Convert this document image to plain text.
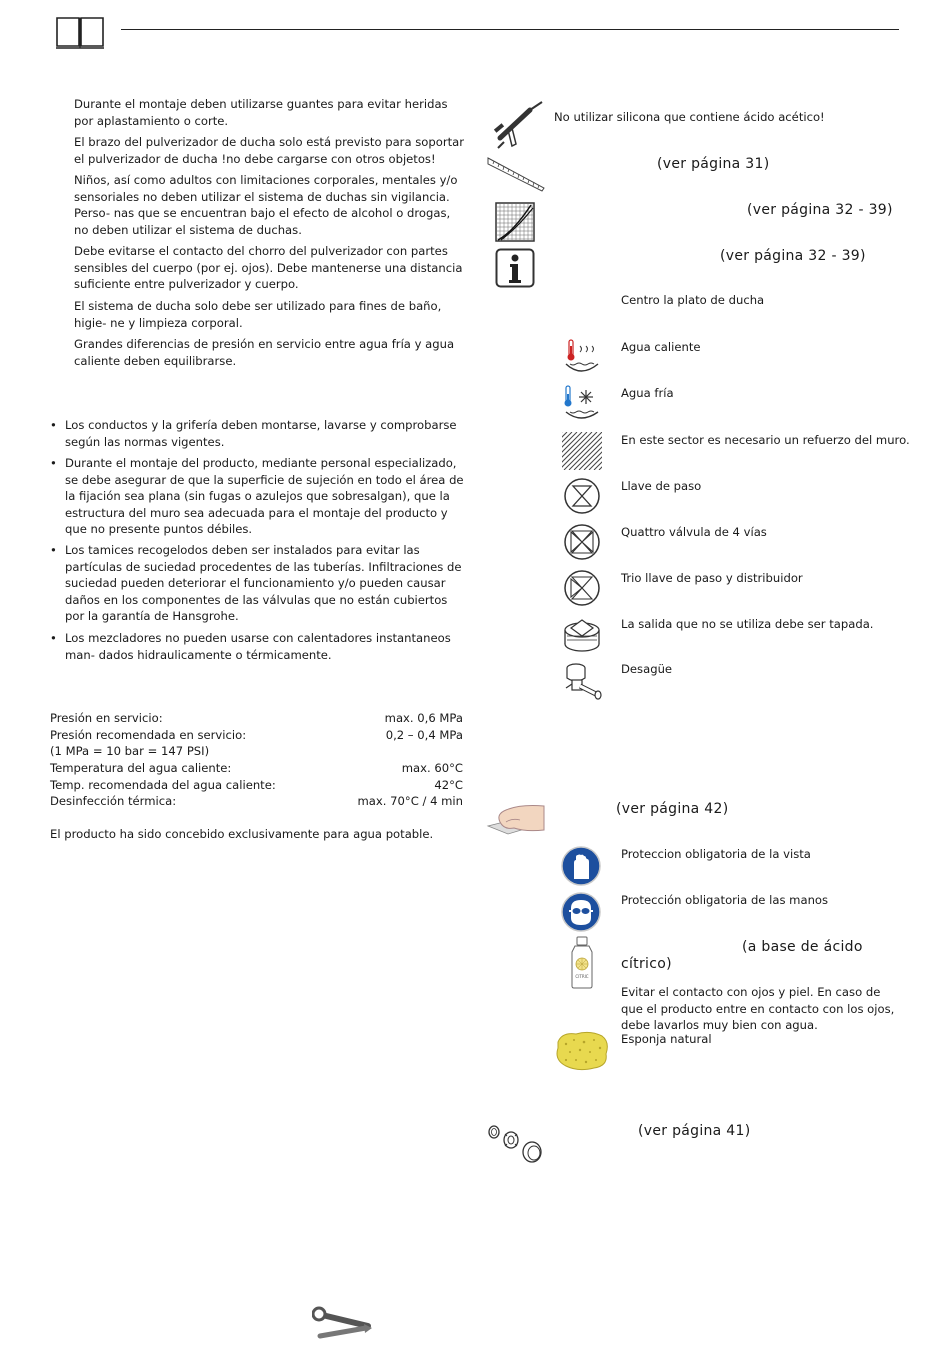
Durante el montaje deben utilizarse guantes para evitar heridas por aplastamiento o corte.

El brazo del pulverizador de ducha solo está previsto para soportar el pulverizador de ducha !no debe cargarse con otros objetos!

Niños, así como adultos con limitaciones corporales, mentales y/o sensoriales no deben utilizar el sistema de duchas sin vigilancia. Perso- nas que se encuentran bajo el efecto de alcohol o drogas, no deben utilizar el sistema de duchas.

Debe evitarse el contacto del chorro del pulverizador con partes sensibles del cuerpo (por ej. ojos). Debe mantenerse una distancia suficiente entre pulverizador y cuerpo.

El sistema de ducha solo debe ser utilizado para fines de baño, higie- ne y limpieza corporal.

Grandes diferencias de presión en servicio entre agua fría y agua caliente deben equilibrarse.

• Los conductos y la grifería deben montarse, lavarse y comprobarse según las normas vigentes.
• Durante el montaje del producto, mediante personal especializado, se debe asegurar de que la superficie de sujeción en todo el área de la fijación sea plana (sin fugas o azulejos que sobresalgan), que la estructura del muro sea adecuada para el montaje del producto y que no presente puntos débiles.
• Los tamices recogelodos deben ser instalados para evitar las partículas de suciedad procedentes de las tuberías. Infiltraciones de suciedad pueden deteriorar el funcionamiento y/o pueden causar daños en los componentes de las válvulas que no están cubiertos por la garantía de Hansgrohe.
• Los mezcladores no pueden usarse con calentadores instantaneos man- dados hidraulicamente o térmicamente.
Presión en servicio:	max. 0,6 MPa
Presión recomendada en servicio:	0,2 – 0,4 MPa
(1 MPa = 10 bar = 147 PSI)
Temperatura del agua caliente:	max. 60°C
Temp. recomendada del agua caliente:	42°C
Desinfección térmica:	max. 70°C / 4 min
El producto ha sido concebido exclusivamente para agua potable.
No utilizar silicona que contiene ácido acético!
(ver página 31)
(ver página 32 - 39)
(ver página 32 - 39)
Centro la plato de ducha
Agua caliente
Agua fría
En este sector es necesario un refuerzo del muro.
Llave de paso
Quattro válvula de 4 vías
Trio llave de paso y distribuidor
La salida que no se utiliza debe ser tapada.
Desagüe
(ver página 42)
Proteccion obligatoria de la vista
Protección obligatoria de las manos
CITRIC
(a base de ácido
cítrico)
Evitar el contacto con ojos y piel. En caso de que el producto entre en contacto con los ojos, debe lavarlos muy bien con agua.
Esponja natural
(ver página 41)
